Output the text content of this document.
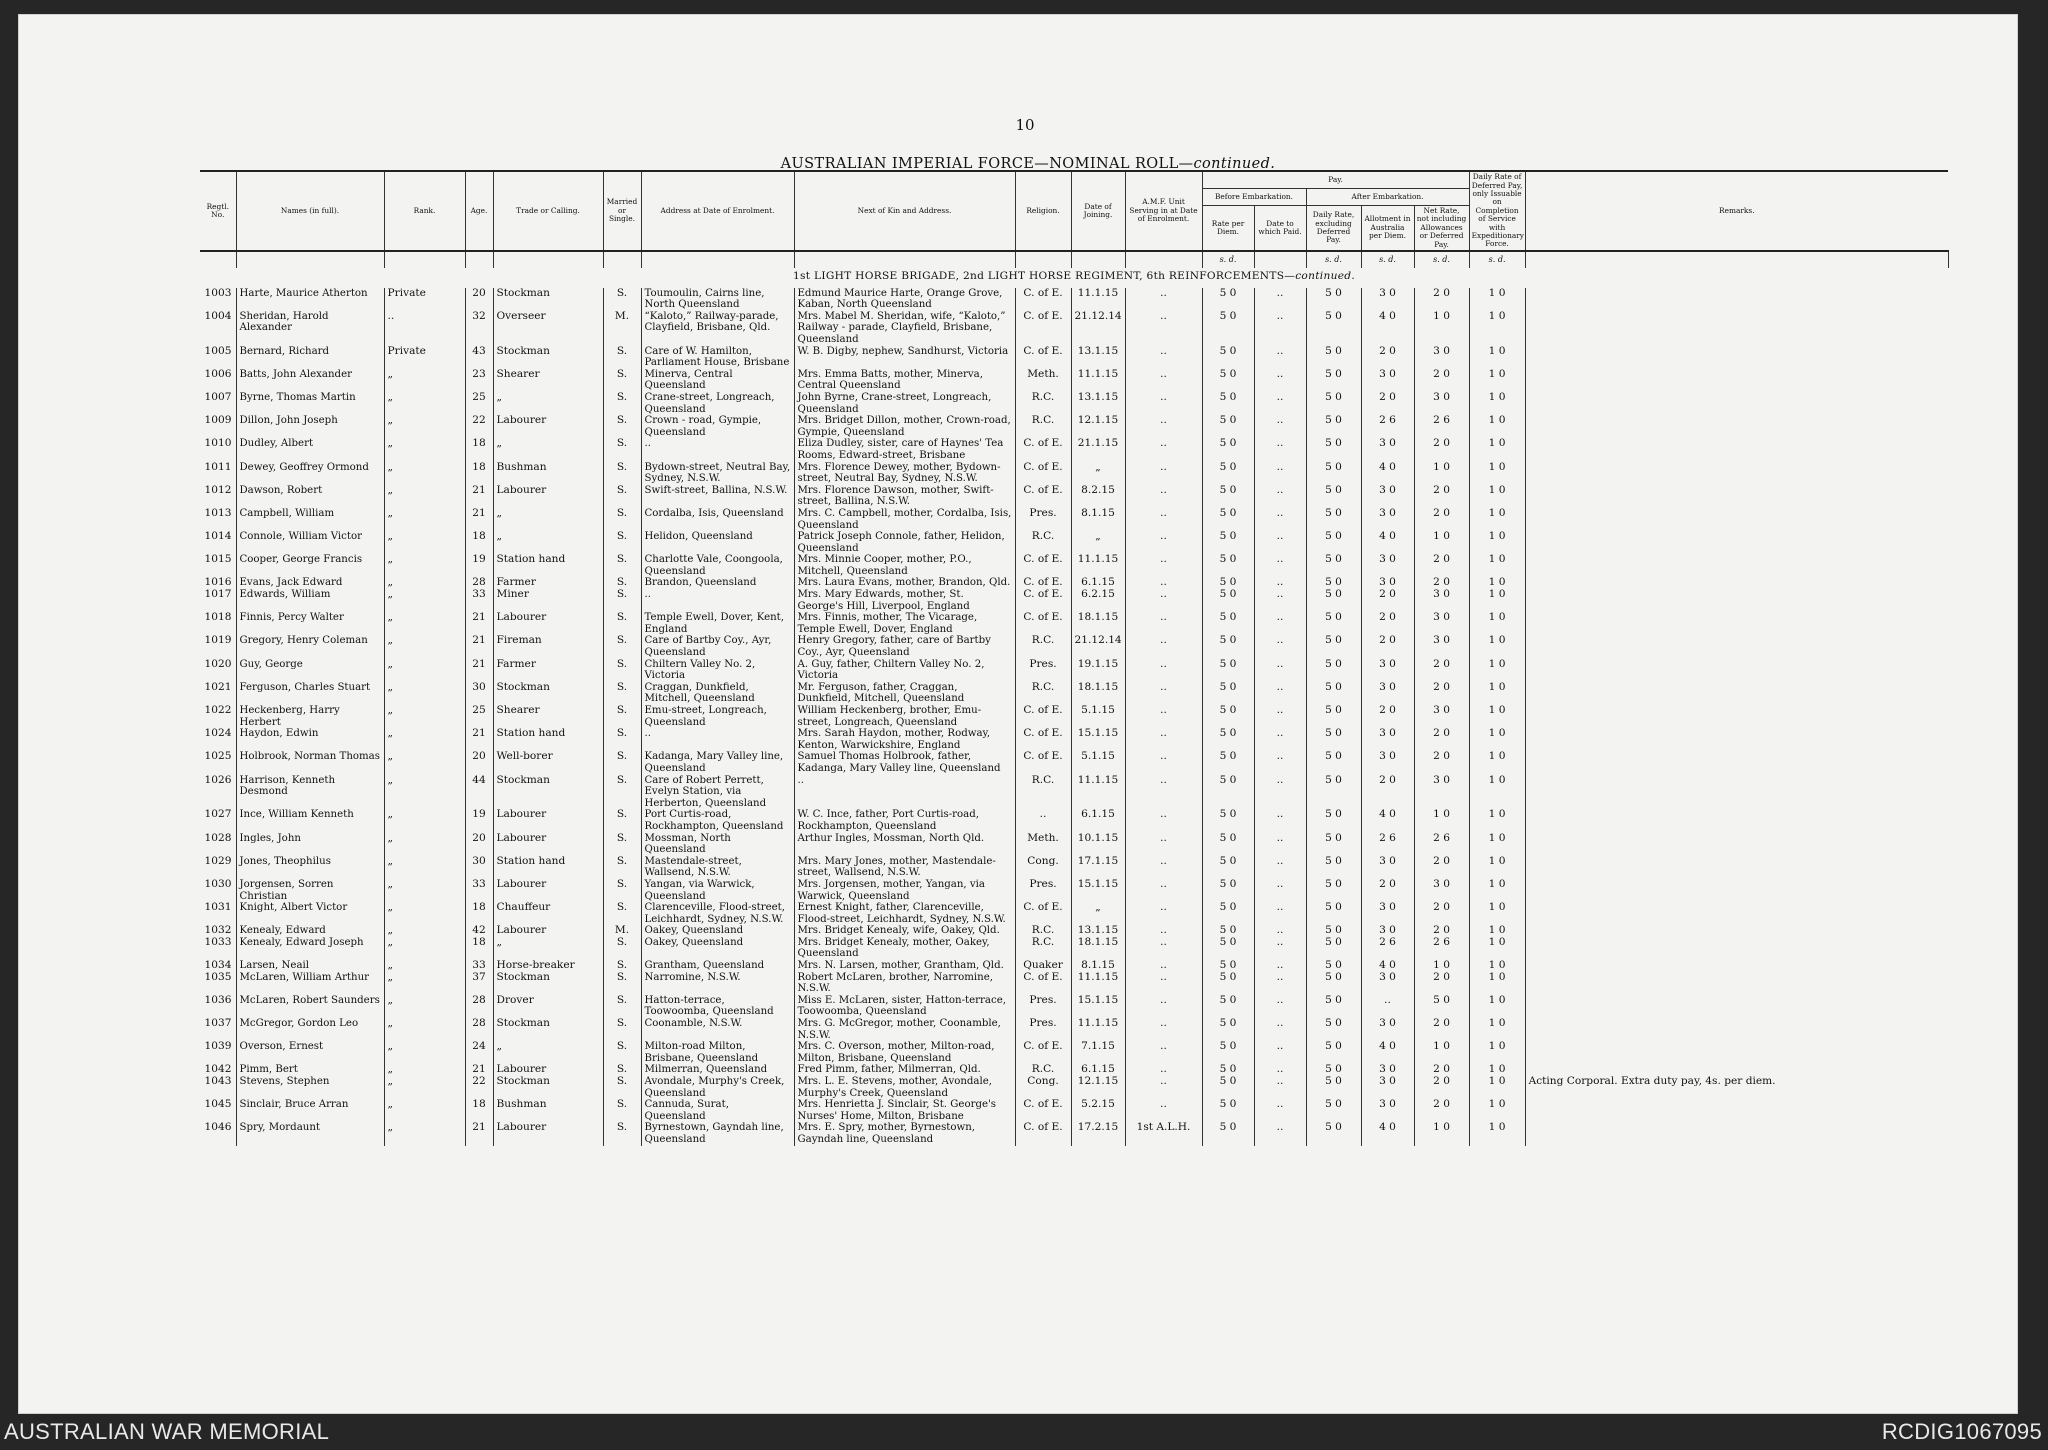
10
AUSTRALIAN IMPERIAL FORCE—NOMINAL ROLL—continued.
Regtl. No.	Names (in full).	Rank.	Age.	Trade or Calling.	Married or Single.	Address at Date of Enrolment.	Next of Kin and Address.	Religion.	Date of Joining.	A.M.F. Unit Serving in at Date of Enrolment.	Pay.					Daily Rate of Deferred Pay, only Issuable on Completion of Service with Expeditionary Force.	Remarks.
											Before Embarkation.		After Embarkation.				
											Rate per Diem.	Date to which Paid.	Daily Rate, excluding Deferred Pay.	Allotment in Australia per Diem.	Net Rate, not including Allowances or Deferred Pay.		
											s. d.		s. d.	s. d.	s. d.	s. d.	
1st LIGHT HORSE BRIGADE, 2nd LIGHT HORSE REGIMENT, 6th REINFORCEMENTS—continued.																	
1003	Harte, Maurice Atherton	Private	20	Stockman	S.	Toumoulin, Cairns line, North Queensland	Edmund Maurice Harte, Orange Grove, Kaban, North Queensland	C. of E.	11.1.15	..	5 0	..	5 0	3 0	2 0	1 0	
1004	Sheridan, Harold Alexander	..	32	Overseer	M.	“Kaloto,” Railway-parade, Clayfield, Brisbane, Qld.	Mrs. Mabel M. Sheridan, wife, “Kaloto,” Railway - parade, Clayfield, Brisbane, Queensland	C. of E.	21.12.14	..	5 0	..	5 0	4 0	1 0	1 0	
1005	Bernard, Richard	Private	43	Stockman	S.	Care of W. Hamilton, Parliament House, Brisbane	W. B. Digby, nephew, Sandhurst, Victoria	C. of E.	13.1.15	..	5 0	..	5 0	2 0	3 0	1 0	
1006	Batts, John Alexander	„	23	Shearer	S.	Minerva, Central Queensland	Mrs. Emma Batts, mother, Minerva, Central Queensland	Meth.	11.1.15	..	5 0	..	5 0	3 0	2 0	1 0	
1007	Byrne, Thomas Martin	„	25	„	S.	Crane-street, Longreach, Queensland	John Byrne, Crane-street, Longreach, Queensland	R.C.	13.1.15	..	5 0	..	5 0	2 0	3 0	1 0	
1009	Dillon, John Joseph	„	22	Labourer	S.	Crown - road, Gympie, Queensland	Mrs. Bridget Dillon, mother, Crown-road, Gympie, Queensland	R.C.	12.1.15	..	5 0	..	5 0	2 6	2 6	1 0	
1010	Dudley, Albert	„	18	„	S.	..	Eliza Dudley, sister, care of Haynes' Tea Rooms, Edward-street, Brisbane	C. of E.	21.1.15	..	5 0	..	5 0	3 0	2 0	1 0	
1011	Dewey, Geoffrey Ormond	„	18	Bushman	S.	Bydown-street, Neutral Bay, Sydney, N.S.W.	Mrs. Florence Dewey, mother, Bydown-street, Neutral Bay, Sydney, N.S.W.	C. of E.	„	..	5 0	..	5 0	4 0	1 0	1 0	
1012	Dawson, Robert	„	21	Labourer	S.	Swift-street, Ballina, N.S.W.	Mrs. Florence Dawson, mother, Swift-street, Ballina, N.S.W.	C. of E.	8.2.15	..	5 0	..	5 0	3 0	2 0	1 0	
1013	Campbell, William	„	21	„	S.	Cordalba, Isis, Queensland	Mrs. C. Campbell, mother, Cordalba, Isis, Queensland	Pres.	8.1.15	..	5 0	..	5 0	3 0	2 0	1 0	
1014	Connole, William Victor	„	18	„	S.	Helidon, Queensland	Patrick Joseph Connole, father, Helidon, Queensland	R.C.	„	..	5 0	..	5 0	4 0	1 0	1 0	
1015	Cooper, George Francis	„	19	Station hand	S.	Charlotte Vale, Coongoola, Queensland	Mrs. Minnie Cooper, mother, P.O., Mitchell, Queensland	C. of E.	11.1.15	..	5 0	..	5 0	3 0	2 0	1 0	
1016	Evans, Jack Edward	„	28	Farmer	S.	Brandon, Queensland	Mrs. Laura Evans, mother, Brandon, Qld.	C. of E.	6.1.15	..	5 0	..	5 0	3 0	2 0	1 0	
1017	Edwards, William	„	33	Miner	S.	..	Mrs. Mary Edwards, mother, St. George's Hill, Liverpool, England	C. of E.	6.2.15	..	5 0	..	5 0	2 0	3 0	1 0	
1018	Finnis, Percy Walter	„	21	Labourer	S.	Temple Ewell, Dover, Kent, England	Mrs. Finnis, mother, The Vicarage, Temple Ewell, Dover, England	C. of E.	18.1.15	..	5 0	..	5 0	2 0	3 0	1 0	
1019	Gregory, Henry Coleman	„	21	Fireman	S.	Care of Bartby Coy., Ayr, Queensland	Henry Gregory, father, care of Bartby Coy., Ayr, Queensland	R.C.	21.12.14	..	5 0	..	5 0	2 0	3 0	1 0	
1020	Guy, George	„	21	Farmer	S.	Chiltern Valley No. 2, Victoria	A. Guy, father, Chiltern Valley No. 2, Victoria	Pres.	19.1.15	..	5 0	..	5 0	3 0	2 0	1 0	
1021	Ferguson, Charles Stuart	„	30	Stockman	S.	Craggan, Dunkfield, Mitchell, Queensland	Mr. Ferguson, father, Craggan, Dunkfield, Mitchell, Queensland	R.C.	18.1.15	..	5 0	..	5 0	3 0	2 0	1 0	
1022	Heckenberg, Harry Herbert	„	25	Shearer	S.	Emu-street, Longreach, Queensland	William Heckenberg, brother, Emu-street, Longreach, Queensland	C. of E.	5.1.15	..	5 0	..	5 0	2 0	3 0	1 0	
1024	Haydon, Edwin	„	21	Station hand	S.	..	Mrs. Sarah Haydon, mother, Rodway, Kenton, Warwickshire, England	C. of E.	15.1.15	..	5 0	..	5 0	3 0	2 0	1 0	
1025	Holbrook, Norman Thomas	„	20	Well-borer	S.	Kadanga, Mary Valley line, Queensland	Samuel Thomas Holbrook, father, Kadanga, Mary Valley line, Queensland	C. of E.	5.1.15	..	5 0	..	5 0	3 0	2 0	1 0	
1026	Harrison, Kenneth Desmond	„	44	Stockman	S.	Care of Robert Perrett, Evelyn Station, via Herberton, Queensland	..	R.C.	11.1.15	..	5 0	..	5 0	2 0	3 0	1 0	
1027	Ince, William Kenneth	„	19	Labourer	S.	Port Curtis-road, Rockhampton, Queensland	W. C. Ince, father, Port Curtis-road, Rockhampton, Queensland	..	6.1.15	..	5 0	..	5 0	4 0	1 0	1 0	
1028	Ingles, John	„	20	Labourer	S.	Mossman, North Queensland	Arthur Ingles, Mossman, North Qld.	Meth.	10.1.15	..	5 0	..	5 0	2 6	2 6	1 0	
1029	Jones, Theophilus	„	30	Station hand	S.	Mastendale-street, Wallsend, N.S.W.	Mrs. Mary Jones, mother, Mastendale-street, Wallsend, N.S.W.	Cong.	17.1.15	..	5 0	..	5 0	3 0	2 0	1 0	
1030	Jorgensen, Sorren Christian	„	33	Labourer	S.	Yangan, via Warwick, Queensland	Mrs. Jorgensen, mother, Yangan, via Warwick, Queensland	Pres.	15.1.15	..	5 0	..	5 0	2 0	3 0	1 0	
1031	Knight, Albert Victor	„	18	Chauffeur	S.	Clarenceville, Flood-street, Leichhardt, Sydney, N.S.W.	Ernest Knight, father, Clarenceville, Flood-street, Leichhardt, Sydney, N.S.W.	C. of E.	„	..	5 0	..	5 0	3 0	2 0	1 0	
1032	Kenealy, Edward	„	42	Labourer	M.	Oakey, Queensland	Mrs. Bridget Kenealy, wife, Oakey, Qld.	R.C.	13.1.15	..	5 0	..	5 0	3 0	2 0	1 0	
1033	Kenealy, Edward Joseph	„	18	„	S.	Oakey, Queensland	Mrs. Bridget Kenealy, mother, Oakey, Queensland	R.C.	18.1.15	..	5 0	..	5 0	2 6	2 6	1 0	
1034	Larsen, Neail	„	33	Horse-breaker	S.	Grantham, Queensland	Mrs. N. Larsen, mother, Grantham, Qld.	Quaker	8.1.15	..	5 0	..	5 0	4 0	1 0	1 0	
1035	McLaren, William Arthur	„	37	Stockman	S.	Narromine, N.S.W.	Robert McLaren, brother, Narromine, N.S.W.	C. of E.	11.1.15	..	5 0	..	5 0	3 0	2 0	1 0	
1036	McLaren, Robert Saunders	„	28	Drover	S.	Hatton-terrace, Toowoomba, Queensland	Miss E. McLaren, sister, Hatton-terrace, Toowoomba, Queensland	Pres.	15.1.15	..	5 0	..	5 0	..	5 0	1 0	
1037	McGregor, Gordon Leo	„	28	Stockman	S.	Coonamble, N.S.W.	Mrs. G. McGregor, mother, Coonamble, N.S.W.	Pres.	11.1.15	..	5 0	..	5 0	3 0	2 0	1 0	
1039	Overson, Ernest	„	24	„	S.	Milton-road Milton, Brisbane, Queensland	Mrs. C. Overson, mother, Milton-road, Milton, Brisbane, Queensland	C. of E.	7.1.15	..	5 0	..	5 0	4 0	1 0	1 0	
1042	Pimm, Bert	„	21	Labourer	S.	Milmerran, Queensland	Fred Pimm, father, Milmerran, Qld.	R.C.	6.1.15	..	5 0	..	5 0	3 0	2 0	1 0	
1043	Stevens, Stephen	„	22	Stockman	S.	Avondale, Murphy's Creek, Queensland	Mrs. L. E. Stevens, mother, Avondale, Murphy's Creek, Queensland	Cong.	12.1.15	..	5 0	..	5 0	3 0	2 0	1 0	Acting Corporal. Extra duty pay, 4s. per diem.
1045	Sinclair, Bruce Arran	„	18	Bushman	S.	Cannuda, Surat, Queensland	Mrs. Henrietta J. Sinclair, St. George's Nurses' Home, Milton, Brisbane	C. of E.	5.2.15	..	5 0	..	5 0	3 0	2 0	1 0	
1046	Spry, Mordaunt	„	21	Labourer	S.	Byrnestown, Gayndah line, Queensland	Mrs. E. Spry, mother, Byrnestown, Gayndah line, Queensland	C. of E.	17.2.15	1st A.L.H.	5 0	..	5 0	4 0	1 0	1 0	
AUSTRALIAN WAR MEMORIAL	RCDIG1067095
